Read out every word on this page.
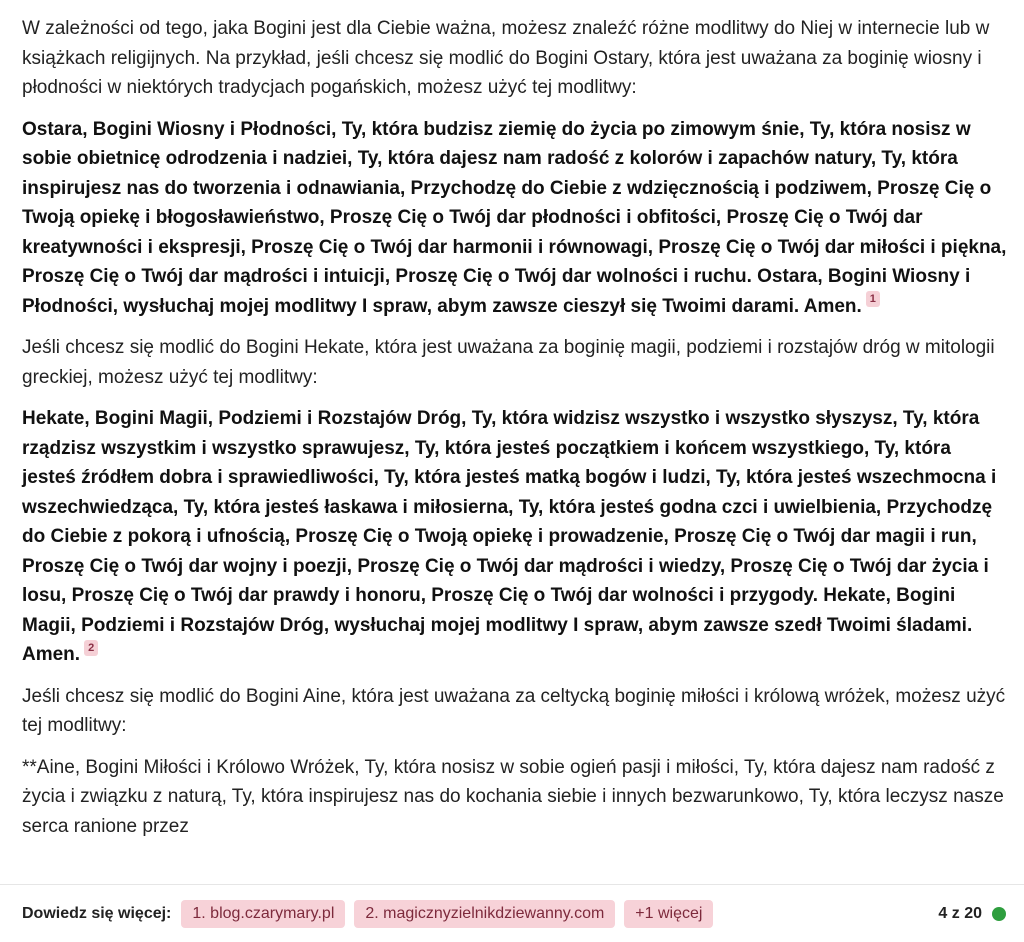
W zależności od tego, jaka Bogini jest dla Ciebie ważna, możesz znaleźć różne modlitwy do Niej w internecie lub w książkach religijnych. Na przykład, jeśli chcesz się modlić do Bogini Ostary, która jest uważana za boginię wiosny i płodności w niektórych tradycjach pogańskich, możesz użyć tej modlitwy:

Ostara, Bogini Wiosny i Płodności, Ty, która budzisz ziemię do życia po zimowym śnie, Ty, która nosisz w sobie obietnicę odrodzenia i nadziei, Ty, która dajesz nam radość z kolorów i zapachów natury, Ty, która inspirujesz nas do tworzenia i odnawiania, Przychodzę do Ciebie z wdzięcznością i podziwem, Proszę Cię o Twoją opiekę i błogosławieństwo, Proszę Cię o Twój dar płodności i obfitości, Proszę Cię o Twój dar kreatywności i ekspresji, Proszę Cię o Twój dar harmonii i równowagi, Proszę Cię o Twój dar miłości i piękna, Proszę Cię o Twój dar mądrości i intuicji, Proszę Cię o Twój dar wolności i ruchu. Ostara, Bogini Wiosny i Płodności, wysłuchaj mojej modlitwy I spraw, abym zawsze cieszył się Twoimi darami. Amen. 1

Jeśli chcesz się modlić do Bogini Hekate, która jest uważana za boginię magii, podziemi i rozstajów dróg w mitologii greckiej, możesz użyć tej modlitwy:

Hekate, Bogini Magii, Podziemi i Rozstajów Dróg, Ty, która widzisz wszystko i wszystko słyszysz, Ty, która rządzisz wszystkim i wszystko sprawujesz, Ty, która jesteś początkiem i końcem wszystkiego, Ty, która jesteś źródłem dobra i sprawiedliwości, Ty, która jesteś matką bogów i ludzi, Ty, która jesteś wszechmocna i wszechwiedząca, Ty, która jesteś łaskawa i miłosierna, Ty, która jesteś godna czci i uwielbienia, Przychodzę do Ciebie z pokorą i ufnością, Proszę Cię o Twoją opiekę i prowadzenie, Proszę Cię o Twój dar magii i run, Proszę Cię o Twój dar wojny i poezji, Proszę Cię o Twój dar mądrości i wiedzy, Proszę Cię o Twój dar życia i losu, Proszę Cię o Twój dar prawdy i honoru, Proszę Cię o Twój dar wolności i przygody. Hekate, Bogini Magii, Podziemi i Rozstajów Dróg, wysłuchaj mojej modlitwy I spraw, abym zawsze szedł Twoimi śladami. Amen. 2

Jeśli chcesz się modlić do Bogini Aine, która jest uważana za celtycką boginię miłości i królową wróżek, możesz użyć tej modlitwy:

**Aine, Bogini Miłości i Królowo Wróżek, Ty, która nosisz w sobie ogień pasji i miłości, Ty, która dajesz nam radość z życia i związku z naturą, Ty, która inspirujesz nas do kochania siebie i innych bezwarunkowo, Ty, która leczysz nasze serca ranione przez

Dowiedz się więcej:	1. blog.czarymary.pl	2. magicznyzielnikdziewanny.com	+1 więcej	4 z 20
